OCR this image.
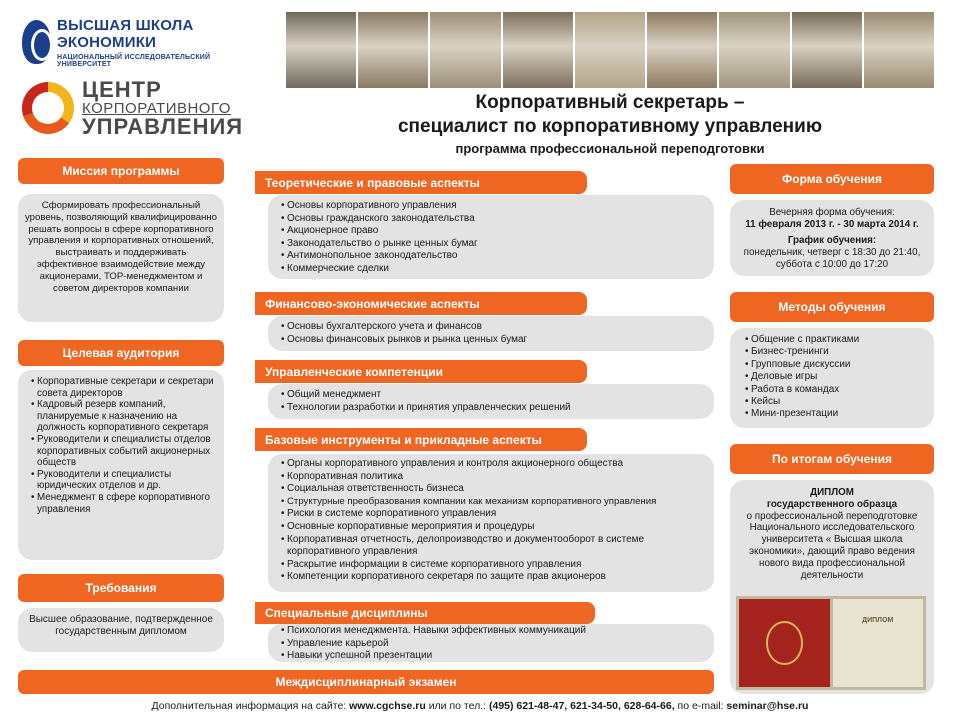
ВЫСШАЯ ШКОЛА ЭКОНОМИКИ
НАЦИОНАЛЬНЫЙ ИССЛЕДОВАТЕЛЬСКИЙ УНИВЕРСИТЕТ
ЦЕНТР
КОРПОРАТИВНОГО
УПРАВЛЕНИЯ
Корпоративный секретарь –
специалист по корпоративному управлению
программа профессиональной переподготовки
Миссия программы
Сформировать профессиональный уровень, позволяющий квалифицированно решать вопросы в сфере корпоративного управления и корпоративных отношений, выстраивать и поддерживать эффективное взаимодействие между акционерами, ТОР-менеджментом и советом директоров компании
Целевая аудитория
• Корпоративные секретари и секретари совета директоров
• Кадровый резерв компаний, планируемые к назначению на должность корпоративного секретаря
• Руководители и специалисты отделов корпоративных событий акционерных обществ
• Руководители и специалисты юридических отделов и др.
• Менеджмент в сфере корпоративного управления
Требования
Высшее образование, подтвержденное государственным дипломом
Теоретические и правовые аспекты
• Основы корпоративного управления
• Основы гражданского законодательства
• Акционерное право
• Законодательство о рынке ценных бумаг
• Антимонопольное законодательство
• Коммерческие сделки
Финансово-экономические аспекты
• Основы бухгалтерского учета и финансов
• Основы финансовых рынков и рынка ценных бумаг
Управленческие компетенции
• Общий менеджмент
• Технологии разработки и принятия управленческих решений
Базовые инструменты и прикладные аспекты
• Органы корпоративного управления и контроля акционерного общества
• Корпоративная политика
• Социальная ответственность бизнеса
• Структурные преобразования компании как механизм корпоративного управления
• Риски в системе корпоративного управления
• Основные корпоративные мероприятия и процедуры
• Корпоративная отчетность, делопроизводство и документооборот в системе корпоративного управления
• Раскрытие информации в системе корпоративного управления
• Компетенции корпоративного секретаря по защите прав акционеров
Специальные дисциплины
• Психология менеджмента. Навыки эффективных коммуникаций
• Управление карьерой
• Навыки успешной презентации
Междисциплинарный экзамен
Форма обучения
Вечерняя форма обучения:
11 февраля 2013 г. - 30 марта 2014 г.
График обучения:
понедельник, четверг с 18:30 до 21:40, суббота с 10:00 до 17:20
Методы обучения
• Общение с практиками
• Бизнес-тренинги
• Групповые дискуссии
• Деловые игры
• Работа в командах
• Кейсы
• Мини-презентации
По итогам обучения
ДИПЛОМ
государственного образца
о профессиональной переподготовке Национального исследовательского университета « Высшая школа экономики», дающий право ведения нового вида профессиональной деятельности
ДИПЛОМ
Дополнительная информация на сайте: www.cgchse.ru или по тел.: (495) 621-48-47, 621-34-50, 628-64-66, по e-mail: seminar@hse.ru
